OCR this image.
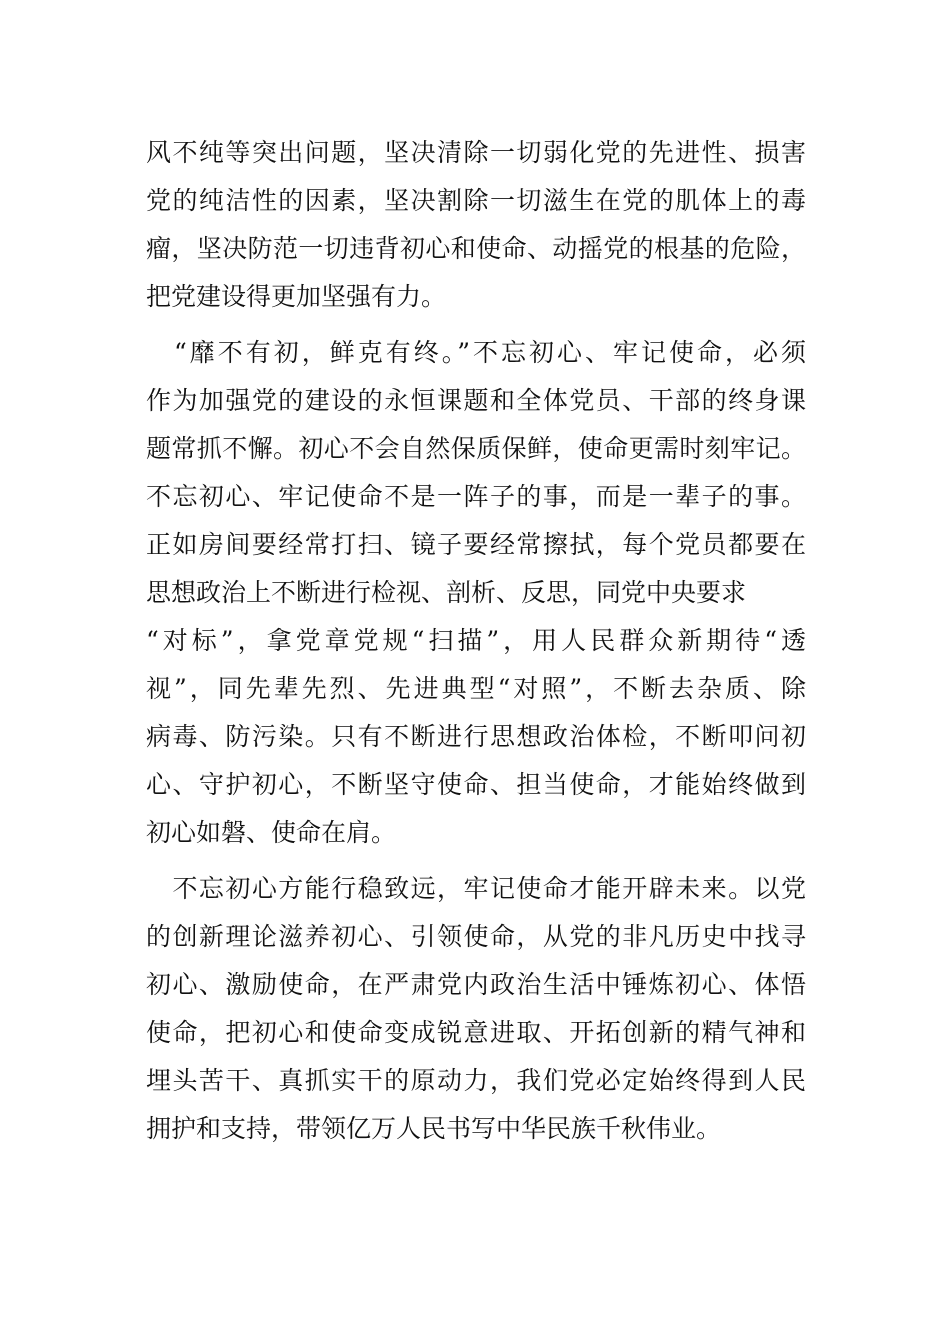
风不纯等突出问题，坚决清除一切弱化党的先进性、损害
党的纯洁性的因素，坚决割除一切滋生在党的肌体上的毒
瘤，坚决防范一切违背初心和使命、动摇党的根基的危险，
把党建设得更加坚强有力。
　“靡不有初，鲜克有终。”不忘初心、牢记使命，必须
作为加强党的建设的永恒课题和全体党员、干部的终身课
题常抓不懈。初心不会自然保质保鲜，使命更需时刻牢记。
不忘初心、牢记使命不是一阵子的事，而是一辈子的事。
正如房间要经常打扫、镜子要经常擦拭，每个党员都要在
思想政治上不断进行检视、剖析、反思，同党中央要求
“对标”，拿党章党规“扫描”，用人民群众新期待“透
视”，同先辈先烈、先进典型“对照”，不断去杂质、除
病毒、防污染。只有不断进行思想政治体检，不断叩问初
心、守护初心，不断坚守使命、担当使命，才能始终做到
初心如磐、使命在肩。
　不忘初心方能行稳致远，牢记使命才能开辟未来。以党
的创新理论滋养初心、引领使命，从党的非凡历史中找寻
初心、激励使命，在严肃党内政治生活中锤炼初心、体悟
使命，把初心和使命变成锐意进取、开拓创新的精气神和
埋头苦干、真抓实干的原动力，我们党必定始终得到人民
拥护和支持，带领亿万人民书写中华民族千秋伟业。
